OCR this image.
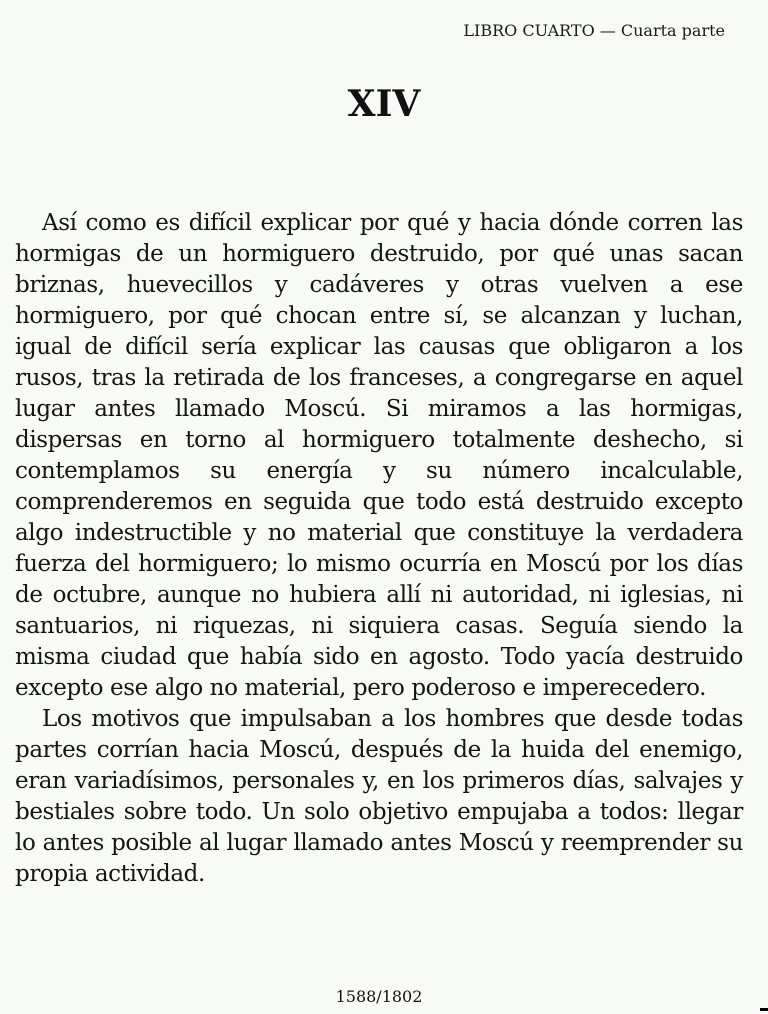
LIBRO CUARTO — Cuarta parte
XIV

Así como es difícil explicar por qué y hacia dónde corren las hormigas de un hormiguero destruido, por qué unas sacan briznas, huevecillos y cadáveres y otras vuelven a ese hormiguero, por qué chocan entre sí, se alcanzan y luchan, igual de difícil sería explicar las causas que obligaron a los rusos, tras la retirada de los franceses, a congregarse en aquel lugar antes llamado Moscú. Si miramos a las hormigas, dispersas en torno al hormiguero totalmente deshecho, si contemplamos su energía y su número incalculable, comprenderemos en seguida que todo está destruido excepto algo indestructible y no material que constituye la verdadera fuerza del hormiguero; lo mismo ocurría en Moscú por los días de octubre, aunque no hubiera allí ni autoridad, ni iglesias, ni santuarios, ni riquezas, ni siquiera casas. Seguía siendo la misma ciudad que había sido en agosto. Todo yacía destruido excepto ese algo no material, pero poderoso e imperecedero.

Los motivos que impulsaban a los hombres que desde todas partes corrían hacia Moscú, después de la huida del enemigo, eran variadísimos, personales y, en los primeros días, salvajes y bestiales sobre todo. Un solo objetivo empujaba a todos: llegar lo antes posible al lugar llamado antes Moscú y reemprender su propia actividad.

1588/1802
